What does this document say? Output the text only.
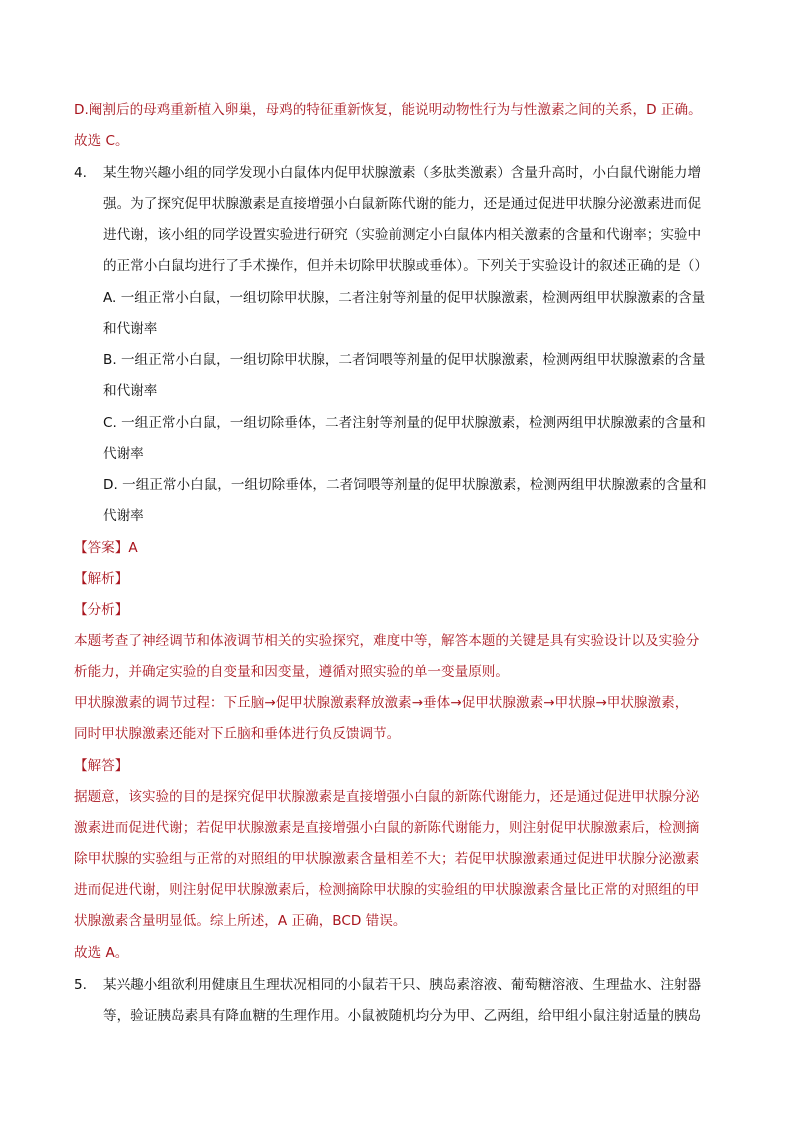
D.阉割后的母鸡重新植入卵巢，母鸡的特征重新恢复，能说明动物性行为与性激素之间的关系，D 正确。
故选 C。
4. 某生物兴趣小组的同学发现小白鼠体内促甲状腺激素（多肽类激素）含量升高时，小白鼠代谢能力增
强。为了探究促甲状腺激素是直接增强小白鼠新陈代谢的能力，还是通过促进甲状腺分泌激素进而促
进代谢，该小组的同学设置实验进行研究（实验前测定小白鼠体内相关激素的含量和代谢率；实验中
的正常小白鼠均进行了手术操作，但并未切除甲状腺或垂体）。下列关于实验设计的叙述正确的是（）
A. 一组正常小白鼠，一组切除甲状腺，二者注射等剂量的促甲状腺激素，检测两组甲状腺激素的含量
和代谢率
B. 一组正常小白鼠，一组切除甲状腺，二者饲喂等剂量的促甲状腺激素，检测两组甲状腺激素的含量
和代谢率
C. 一组正常小白鼠，一组切除垂体，二者注射等剂量的促甲状腺激素，检测两组甲状腺激素的含量和
代谢率
D. 一组正常小白鼠，一组切除垂体，二者饲喂等剂量的促甲状腺激素，检测两组甲状腺激素的含量和
代谢率
【答案】A
【解析】
【分析】
本题考查了神经调节和体液调节相关的实验探究，难度中等，解答本题的关键是具有实验设计以及实验分
析能力，并确定实验的自变量和因变量，遵循对照实验的单一变量原则。
甲状腺激素的调节过程：下丘脑→促甲状腺激素释放激素→垂体→促甲状腺激素→甲状腺→甲状腺激素，
同时甲状腺激素还能对下丘脑和垂体进行负反馈调节。
【解答】
据题意，该实验的目的是探究促甲状腺激素是直接增强小白鼠的新陈代谢能力，还是通过促进甲状腺分泌
激素进而促进代谢；若促甲状腺激素是直接增强小白鼠的新陈代谢能力，则注射促甲状腺激素后，检测摘
除甲状腺的实验组与正常的对照组的甲状腺激素含量相差不大；若促甲状腺激素通过促进甲状腺分泌激素
进而促进代谢，则注射促甲状腺激素后，检测摘除甲状腺的实验组的甲状腺激素含量比正常的对照组的甲
状腺激素含量明显低。综上所述，A 正确，BCD 错误。
故选 A。
5. 某兴趣小组欲利用健康且生理状况相同的小鼠若干只、胰岛素溶液、葡萄糖溶液、生理盐水、注射器
等，验证胰岛素具有降血糖的生理作用。小鼠被随机均分为甲、乙两组，给甲组小鼠注射适量的胰岛
